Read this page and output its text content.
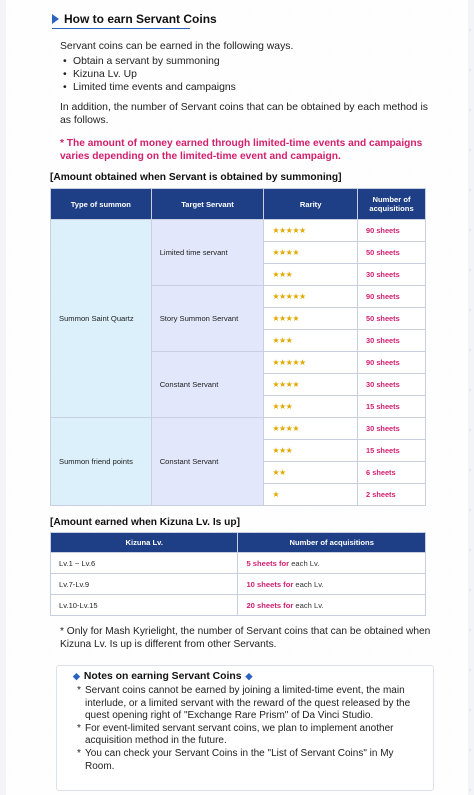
How to earn Servant Coins
Servant coins can be earned in the following ways.
• Obtain a servant by summoning
• Kizuna Lv. Up
• Limited time events and campaigns
In addition, the number of Servant coins that can be obtained by each method is as follows.
* The amount of money earned through limited-time events and campaigns varies depending on the limited-time event and campaign.
[Amount obtained when Servant is obtained by summoning]
Type of summon	Target Servant	Rarity	Number of acquisitions
Summon Saint Quartz	Limited time servant	★★★★★	90 sheets
		★★★★	50 sheets
		★★★	30 sheets
	Story Summon Servant	★★★★★	90 sheets
		★★★★	50 sheets
		★★★	30 sheets
	Constant Servant	★★★★★	90 sheets
		★★★★	30 sheets
		★★★	15 sheets
Summon friend points	Constant Servant	★★★★	30 sheets
		★★★	15 sheets
		★★	6 sheets
		★	2 sheets
[Amount earned when Kizuna Lv. Is up]
Kizuna Lv.	Number of acquisitions
Lv.1 ~ Lv.6	5 sheets for each Lv.
Lv.7-Lv.9	10 sheets for each Lv.
Lv.10-Lv.15	20 sheets for each Lv.
* Only for Mash Kyrielight, the number of Servant coins that can be obtained when Kizuna Lv. Is up is different from other Servants.
◆ Notes on earning Servant Coins ◆
* Servant coins cannot be earned by joining a limited-time event, the main interlude, or a limited servant with the reward of the quest released by the quest opening right of "Exchange Rare Prism" of Da Vinci Studio.
* For event-limited servant servant coins, we plan to implement another acquisition method in the future.
* You can check your Servant Coins in the "List of Servant Coins" in My Room.
